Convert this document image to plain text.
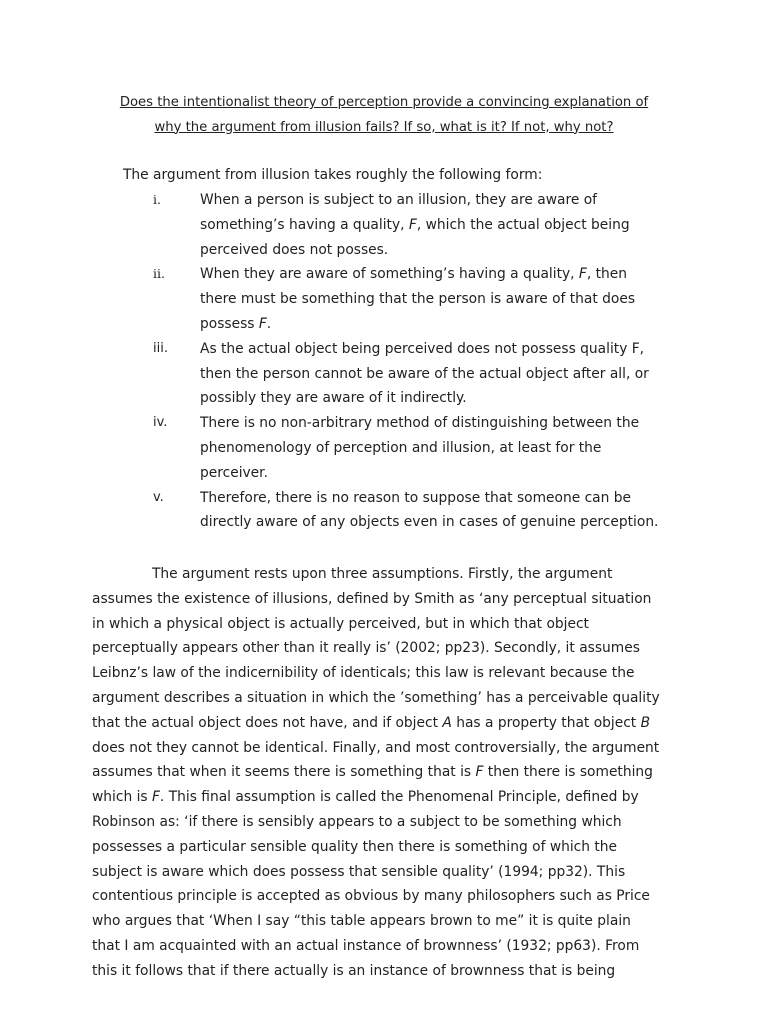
Does the intentionalist theory of perception provide a convincing explanation of
why the argument from illusion fails? If so, what is it? If not, why not?
The argument from illusion takes roughly the following form:
i.	When a person is subject to an illusion, they are aware of
something’s having a quality, F, which the actual object being
perceived does not posses.
ii.	When they are aware of something’s having a quality, F, then
there must be something that the person is aware of that does
possess F.
iii. As the actual object being perceived does not possess quality F,
then the person cannot be aware of the actual object after all, or
possibly they are aware of it indirectly.
iv. There is no non-arbitrary method of distinguishing between the
phenomenology of perception and illusion, at least for the
perceiver.
v.	Therefore, there is no reason to suppose that someone can be
directly aware of any objects even in cases of genuine perception.
The argument rests upon three assumptions. Firstly, the argument
assumes the existence of illusions, defined by Smith as ‘any perceptual situation
in which a physical object is actually perceived, but in which that object
perceptually appears other than it really is’ (2002; pp23). Secondly, it assumes
Leibnz’s law of the indicernibility of identicals; this law is relevant because the
argument describes a situation in which the ’something’ has a perceivable quality
that the actual object does not have, and if object A has a property that object B
does not they cannot be identical. Finally, and most controversially, the argument
assumes that when it seems there is something that is F then there is something
which is F. This final assumption is called the Phenomenal Principle, defined by
Robinson as: ‘if there is sensibly appears to a subject to be something which
possesses a particular sensible quality then there is something of which the
subject is aware which does possess that sensible quality’ (1994; pp32). This
contentious principle is accepted as obvious by many philosophers such as Price
who argues that ‘When I say “this table appears brown to me” it is quite plain
that I am acquainted with an actual instance of brownness’ (1932; pp63). From
this it follows that if there actually is an instance of brownness that is being
